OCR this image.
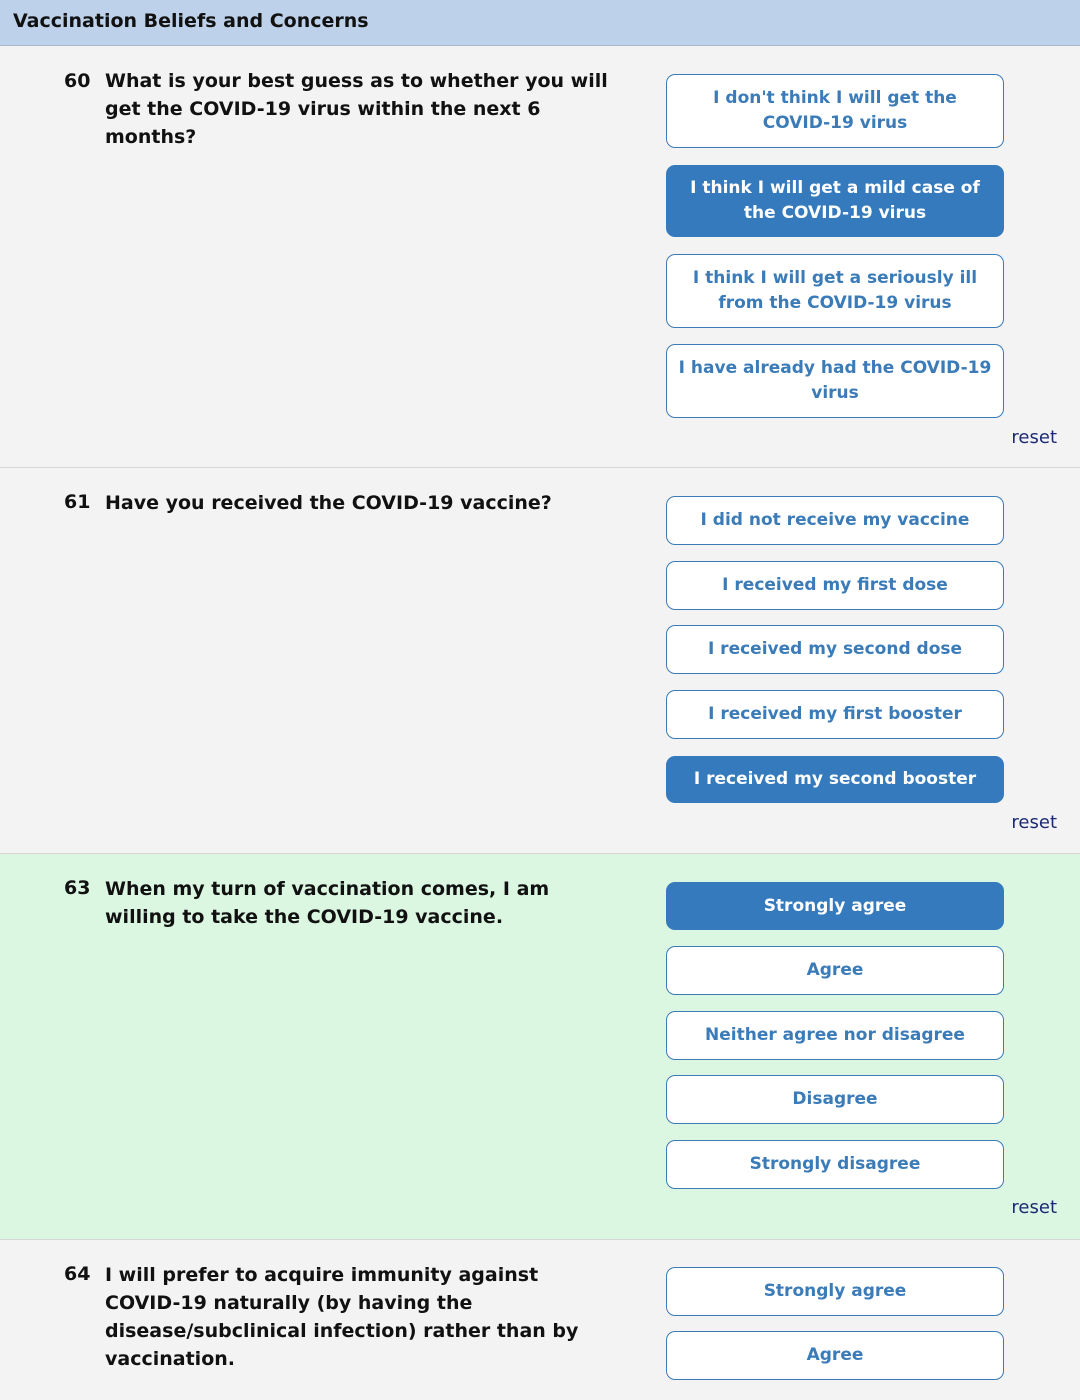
Vaccination Beliefs and Concerns
60 What is your best guess as to whether you will get the COVID-19 virus within the next 6 months?
I don't think I will get the COVID-19 virus
I think I will get a mild case of the COVID-19 virus
I think I will get a seriously ill from the COVID-19 virus
I have already had the COVID-19 virus
reset
61 Have you received the COVID-19 vaccine?
I did not receive my vaccine
I received my first dose
I received my second dose
I received my first booster
I received my second booster
reset
63 When my turn of vaccination comes, I am willing to take the COVID-19 vaccine.
Strongly agree
Agree
Neither agree nor disagree
Disagree
Strongly disagree
reset
64 I will prefer to acquire immunity against COVID-19 naturally (by having the disease/subclinical infection) rather than by vaccination.
Strongly agree
Agree
